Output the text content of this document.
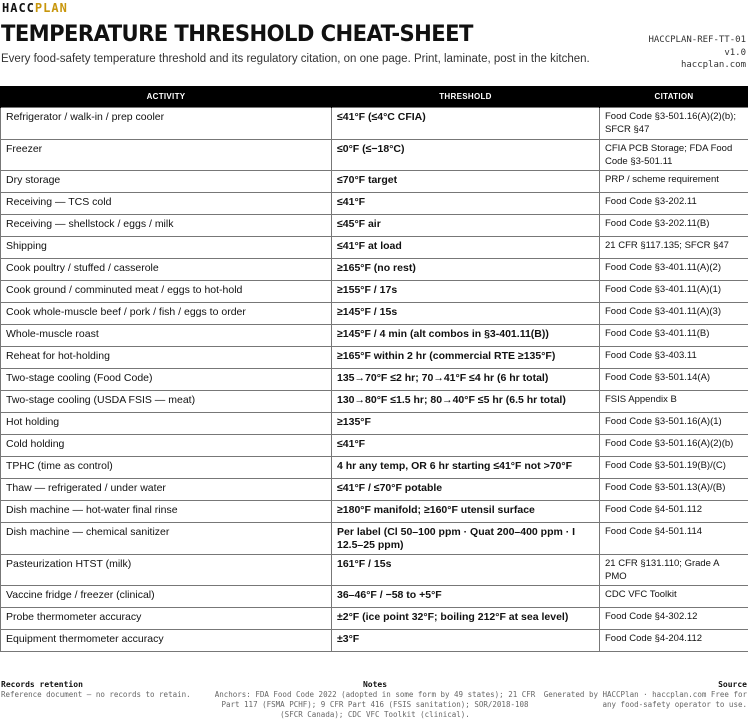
HACCPLAN
TEMPERATURE THRESHOLD CHEAT-SHEET
Every food-safety temperature threshold and its regulatory citation, on one page. Print, laminate, post in the kitchen.
HACCPLAN-REF-TT-01
v1.0
haccplan.com
ACTIVITY	THRESHOLD	CITATION
Refrigerator / walk-in / prep cooler	≤41°F (≤4°C CFIA)	Food Code §3-501.16(A)(2)(b); SFCR §47
Freezer	≤0°F (≤−18°C)	CFIA PCB Storage; FDA Food Code §3-501.11
Dry storage	≤70°F target	PRP / scheme requirement
Receiving — TCS cold	≤41°F	Food Code §3-202.11
Receiving — shellstock / eggs / milk	≤45°F air	Food Code §3-202.11(B)
Shipping	≤41°F at load	21 CFR §117.135; SFCR §47
Cook poultry / stuffed / casserole	≥165°F (no rest)	Food Code §3-401.11(A)(2)
Cook ground / comminuted meat / eggs to hot-hold	≥155°F / 17s	Food Code §3-401.11(A)(1)
Cook whole-muscle beef / pork / fish / eggs to order	≥145°F / 15s	Food Code §3-401.11(A)(3)
Whole-muscle roast	≥145°F / 4 min (alt combos in §3-401.11(B))	Food Code §3-401.11(B)
Reheat for hot-holding	≥165°F within 2 hr (commercial RTE ≥135°F)	Food Code §3-403.11
Two-stage cooling (Food Code)	135→70°F ≤2 hr; 70→41°F ≤4 hr (6 hr total)	Food Code §3-501.14(A)
Two-stage cooling (USDA FSIS — meat)	130→80°F ≤1.5 hr; 80→40°F ≤5 hr (6.5 hr total)	FSIS Appendix B
Hot holding	≥135°F	Food Code §3-501.16(A)(1)
Cold holding	≤41°F	Food Code §3-501.16(A)(2)(b)
TPHC (time as control)	4 hr any temp, OR 6 hr starting ≤41°F not >70°F	Food Code §3-501.19(B)/(C)
Thaw — refrigerated / under water	≤41°F / ≤70°F potable	Food Code §3-501.13(A)/(B)
Dish machine — hot-water final rinse	≥180°F manifold; ≥160°F utensil surface	Food Code §4-501.112
Dish machine — chemical sanitizer	Per label (Cl 50–100 ppm · Quat 200–400 ppm · I 12.5–25 ppm)	Food Code §4-501.114
Pasteurization HTST (milk)	161°F / 15s	21 CFR §131.110; Grade A PMO
Vaccine fridge / freezer (clinical)	36–46°F / −58 to +5°F	CDC VFC Toolkit
Probe thermometer accuracy	±2°F (ice point 32°F; boiling 212°F at sea level)	Food Code §4-302.12
Equipment thermometer accuracy	±3°F	Food Code §4-204.112
Records retention
Reference document — no records to retain.
Notes
Anchors: FDA Food Code 2022 (adopted in some form by 49 states); 21 CFR Part 117 (FSMA PCHF); 9 CFR Part 416 (FSIS sanitation); SOR/2018-108 (SFCR Canada); CDC VFC Toolkit (clinical).
Source
Generated by HACCPlan · haccplan.com Free for any food-safety operator to use.
